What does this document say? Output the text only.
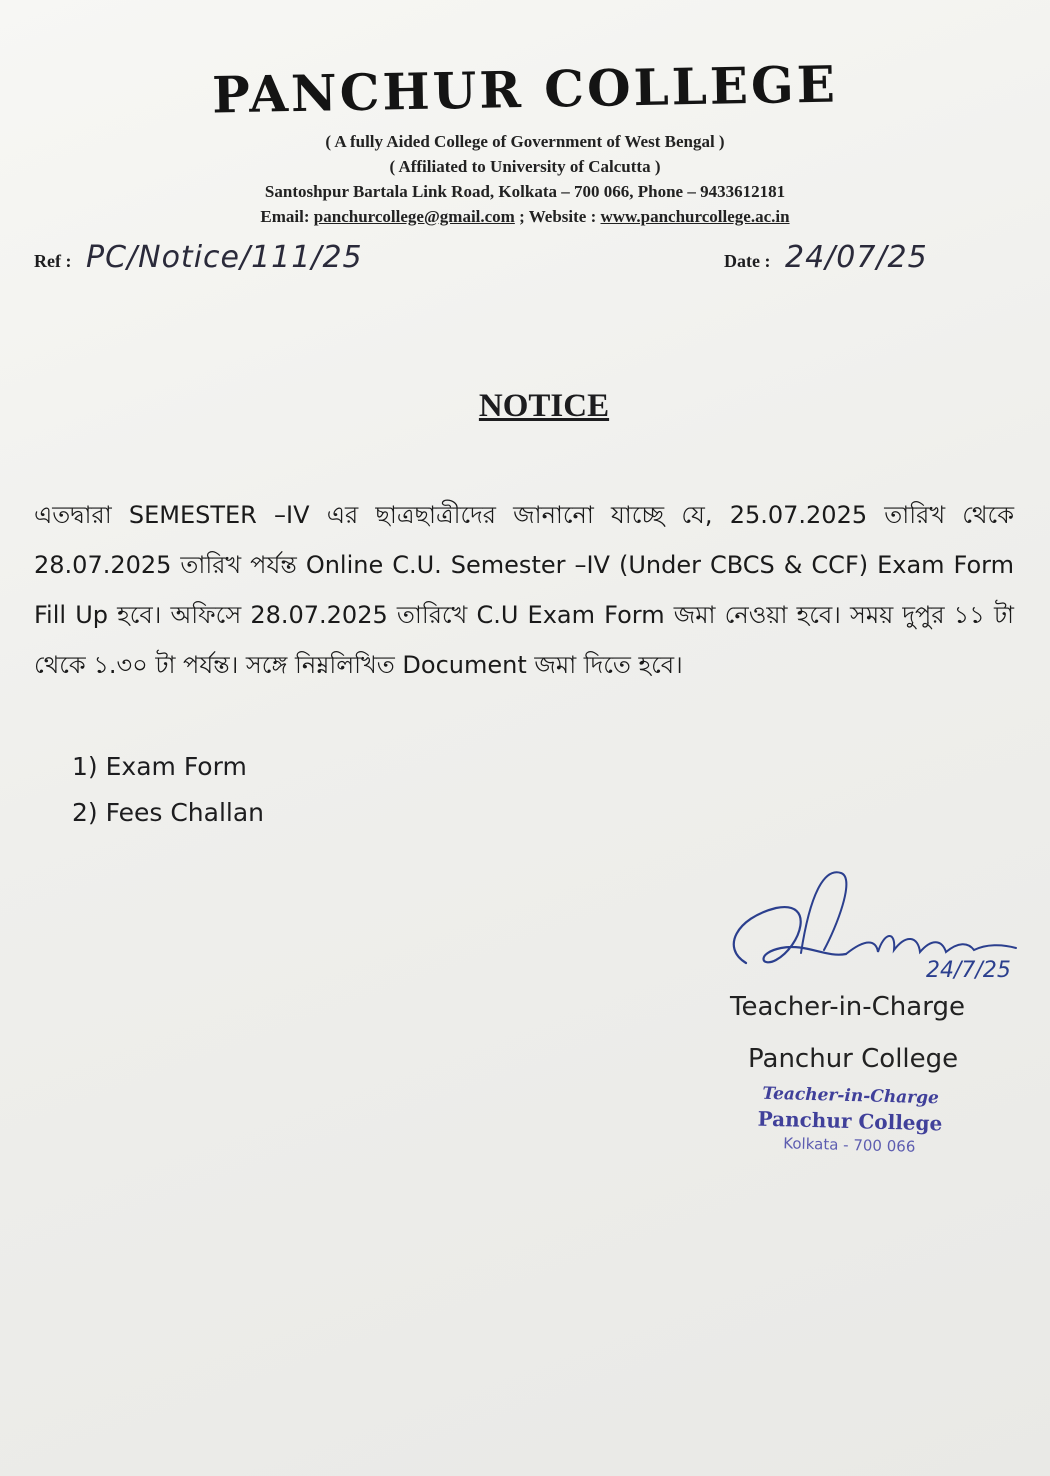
PANCHUR COLLEGE
( A fully Aided College of Government of West Bengal )
( Affiliated to University of Calcutta )
Santoshpur Bartala Link Road, Kolkata – 700 066, Phone – 9433612181
Email: panchurcollege@gmail.com ; Website : www.panchurcollege.ac.in
Ref : PC/Notice/111/25	Date : 24/07/25
NOTICE
এতদ্বারা SEMESTER –IV এর ছাত্রছাত্রীদের জানানো যাচ্ছে যে, 25.07.2025 তারিখ থেকে 28.07.2025 তারিখ পর্যন্ত Online C.U. Semester –IV (Under CBCS & CCF) Exam Form Fill Up হবে। অফিসে 28.07.2025 তারিখে C.U Exam Form জমা নেওয়া হবে। সময় দুপুর ১১ টা থেকে ১.৩০ টা পর্যন্ত। সঙ্গে নিম্নলিখিত Document জমা দিতে হবে।
1) Exam Form
2) Fees Challan
24/7/25
Teacher-in-Charge
Panchur College
Teacher-in-Charge
Panchur College
Kolkata - 700 066
